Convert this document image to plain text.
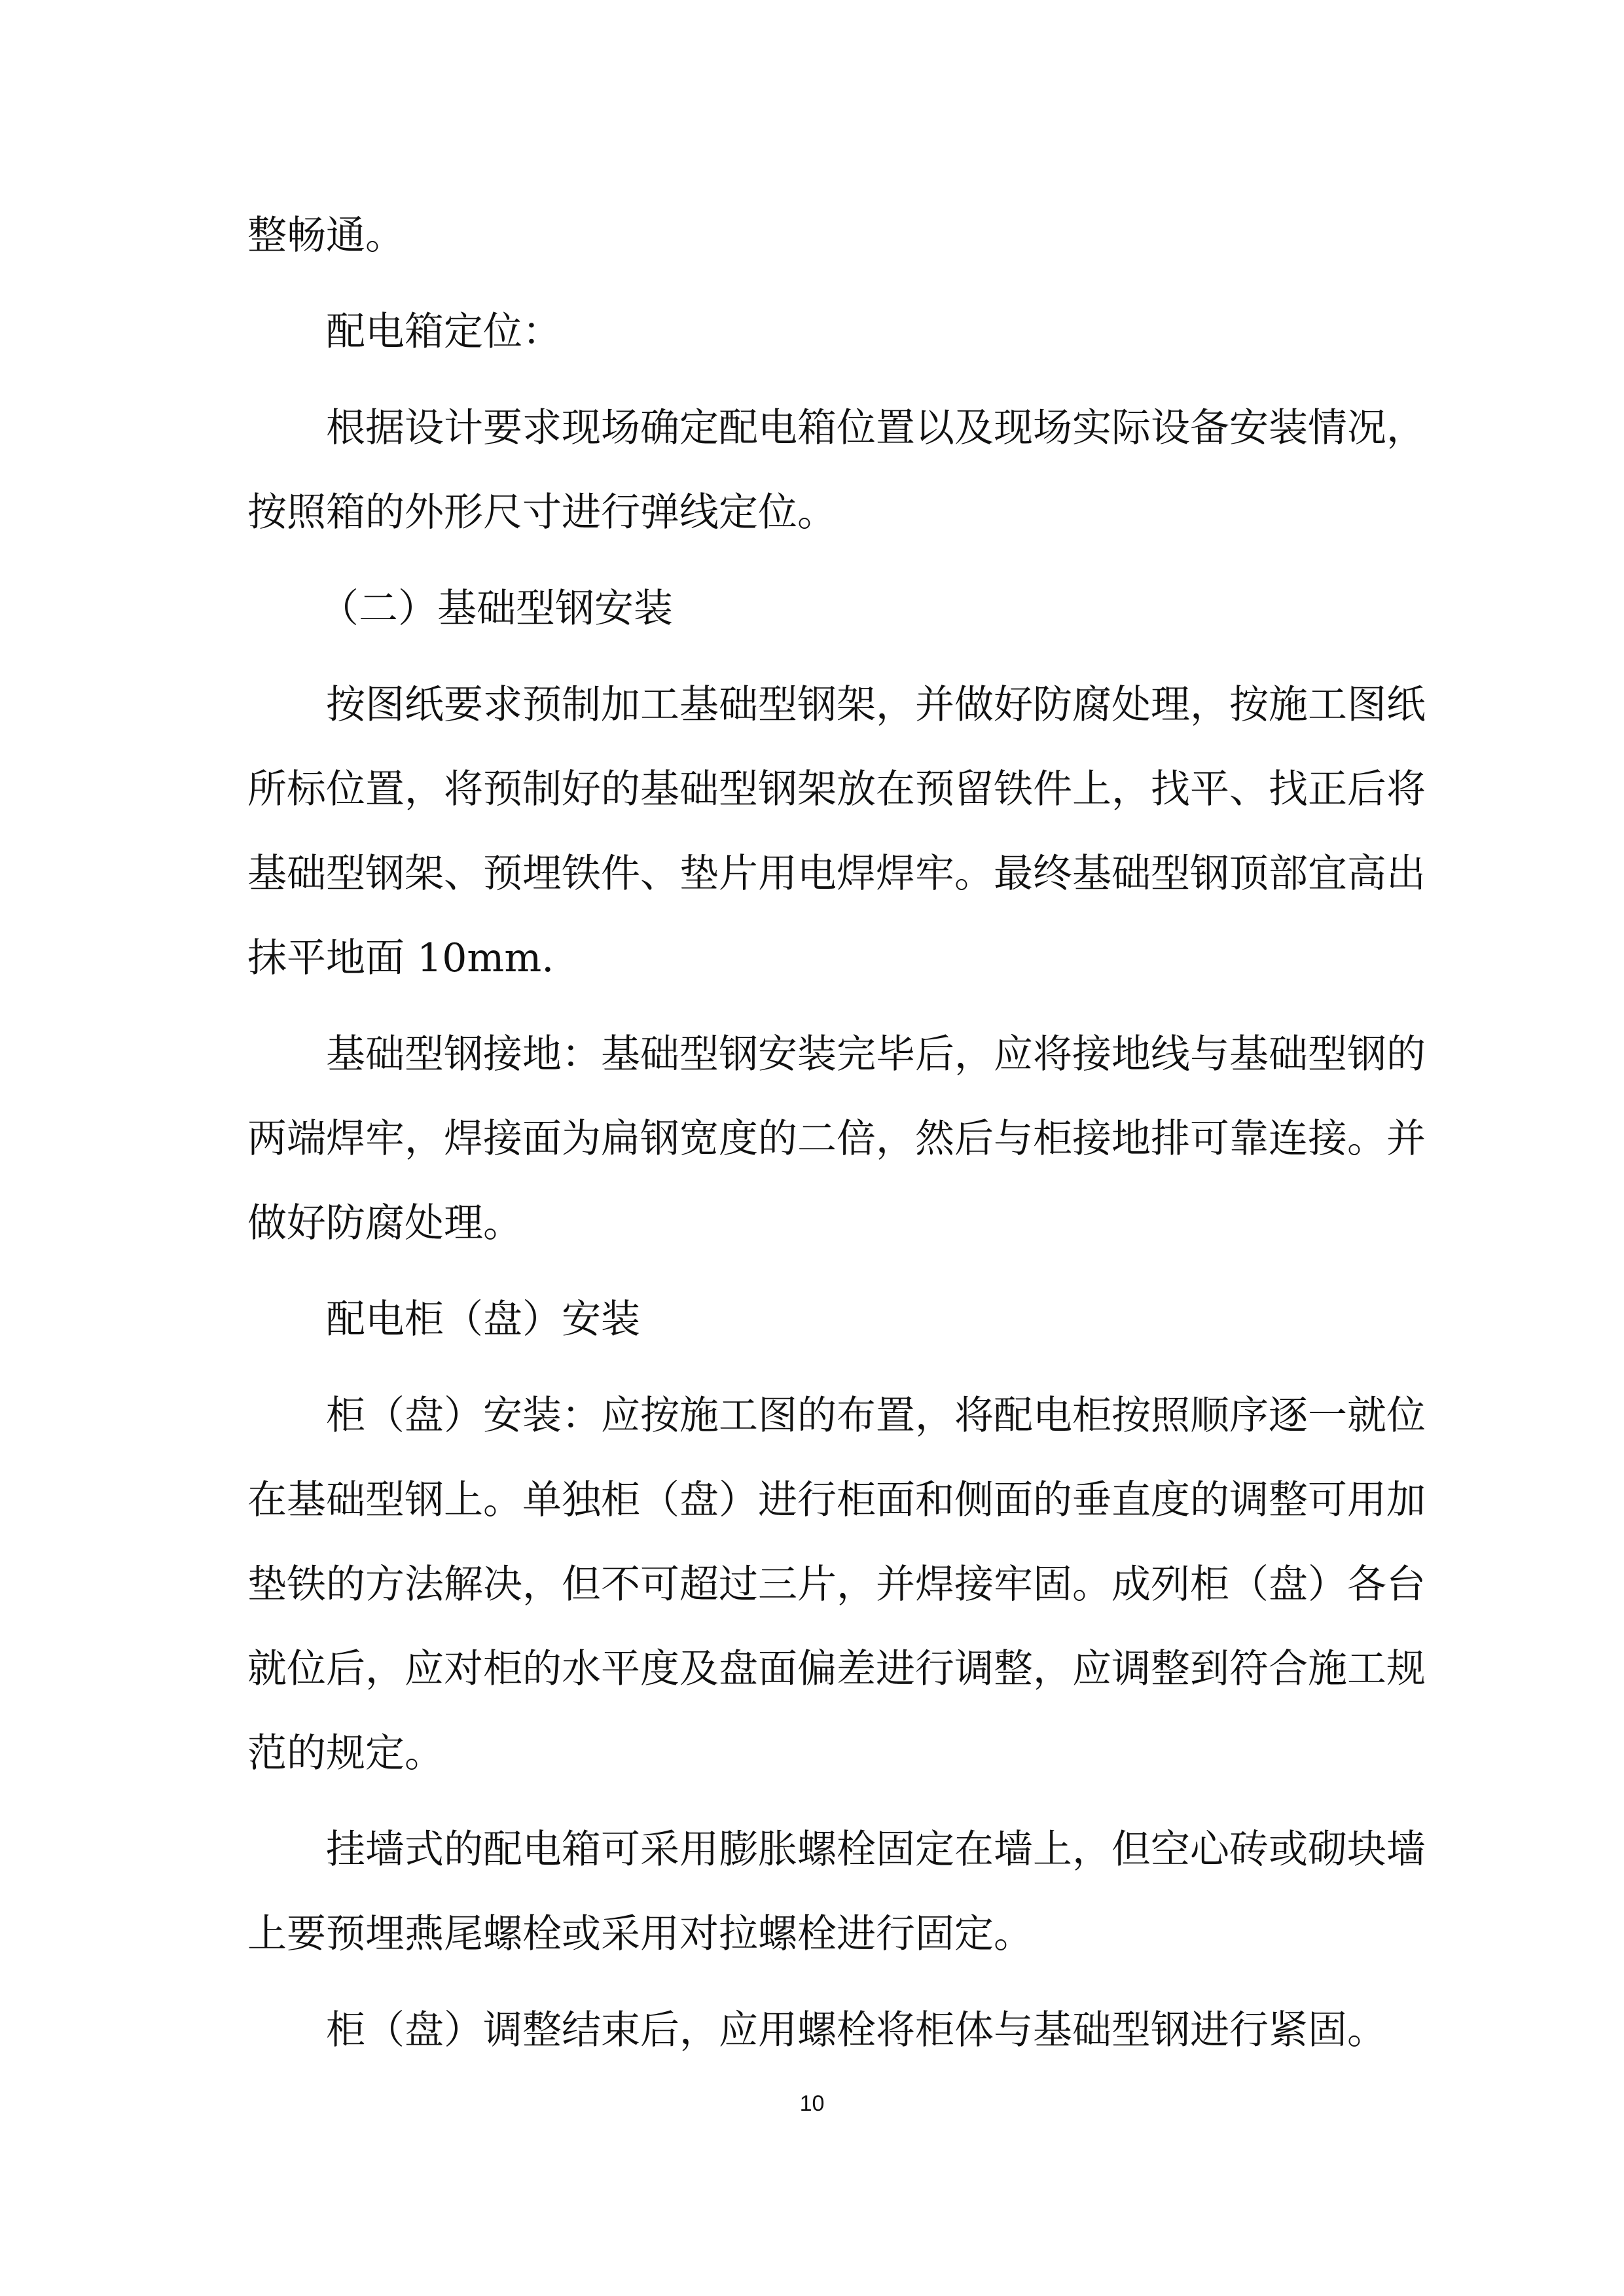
整畅通。

配电箱定位：

根据设计要求现场确定配电箱位置以及现场实际设备安装情况，
按照箱的外形尺寸进行弹线定位。

（二）基础型钢安装

按图纸要求预制加工基础型钢架，并做好防腐处理，按施工图纸
所标位置，将预制好的基础型钢架放在预留铁件上，找平、找正后将
基础型钢架、预埋铁件、垫片用电焊焊牢。最终基础型钢顶部宜高出
抹平地面 10mm.

基础型钢接地：基础型钢安装完毕后，应将接地线与基础型钢的
两端焊牢，焊接面为扁钢宽度的二倍，然后与柜接地排可靠连接。并
做好防腐处理。

配电柜（盘）安装

柜（盘）安装：应按施工图的布置，将配电柜按照顺序逐一就位
在基础型钢上。单独柜（盘）进行柜面和侧面的垂直度的调整可用加
垫铁的方法解决，但不可超过三片，并焊接牢固。成列柜（盘）各台
就位后，应对柜的水平度及盘面偏差进行调整，应调整到符合施工规
范的规定。

挂墙式的配电箱可采用膨胀螺栓固定在墙上，但空心砖或砌块墙
上要预埋燕尾螺栓或采用对拉螺栓进行固定。

柜（盘）调整结束后，应用螺栓将柜体与基础型钢进行紧固。

10
